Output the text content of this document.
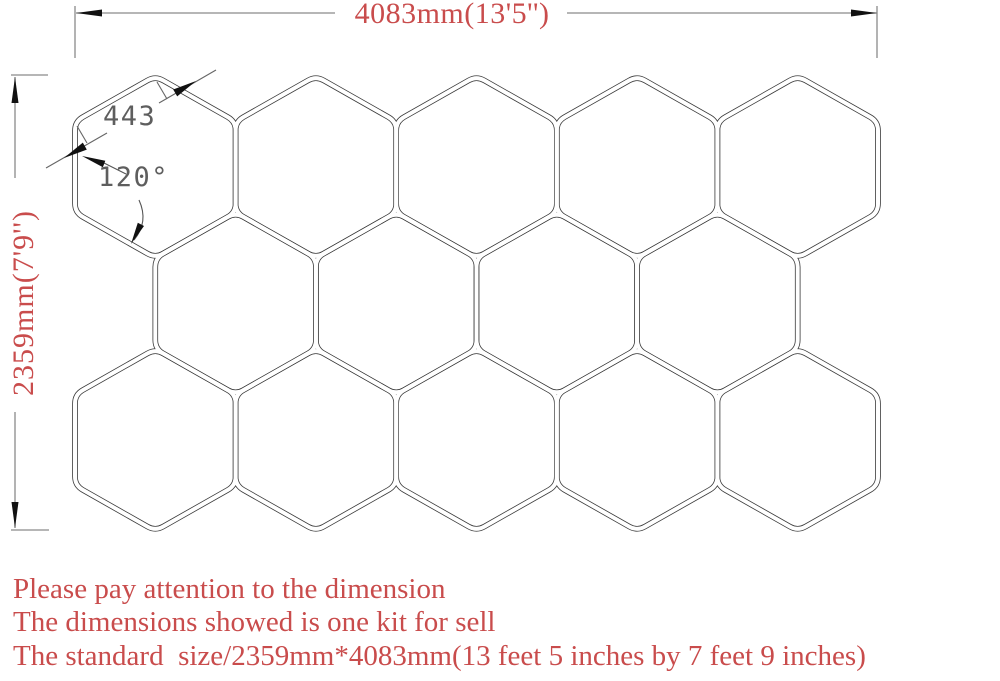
4083mm(13'5'')
2359mm(7'9'')
443
120°
Please pay attention to the dimension
The dimensions showed is one kit for sell
The standard  size/2359mm*4083mm(13 feet 5 inches by 7 feet 9 inches)
